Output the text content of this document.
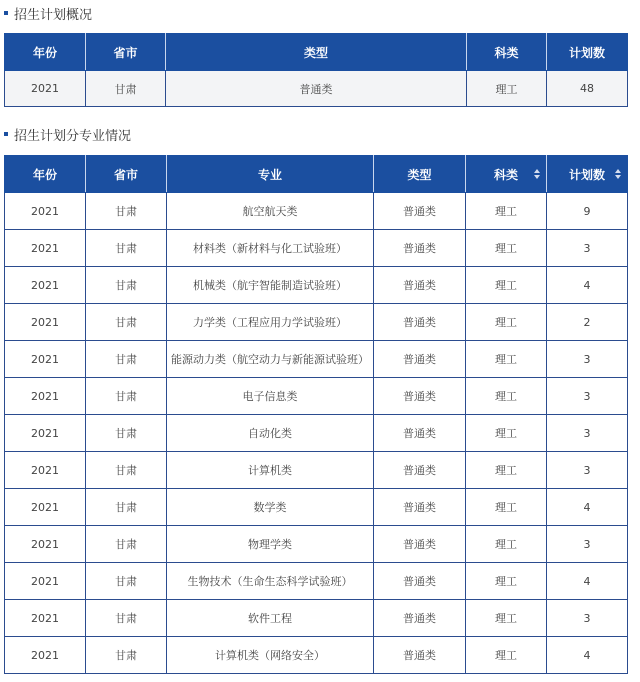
招生计划概况
年份	省市	类型	科类	计划数
2021	甘肃	普通类	理工	48
招生计划分专业情况
年份	省市	专业	类型	科类	计划数

2021	甘肃	航空航天类	普通类	理工	9
2021	甘肃	材料类（新材料与化工试验班）	普通类	理工	3
2021	甘肃	机械类（航宇智能制造试验班）	普通类	理工	4
2021	甘肃	力学类（工程应用力学试验班）	普通类	理工	2
2021	甘肃	能源动力类（航空动力与新能源试验班）	普通类	理工	3
2021	甘肃	电子信息类	普通类	理工	3
2021	甘肃	自动化类	普通类	理工	3
2021	甘肃	计算机类	普通类	理工	3
2021	甘肃	数学类	普通类	理工	4
2021	甘肃	物理学类	普通类	理工	3
2021	甘肃	生物技术（生命生态科学试验班）	普通类	理工	4
2021	甘肃	软件工程	普通类	理工	3
2021	甘肃	计算机类（网络安全）	普通类	理工	4
